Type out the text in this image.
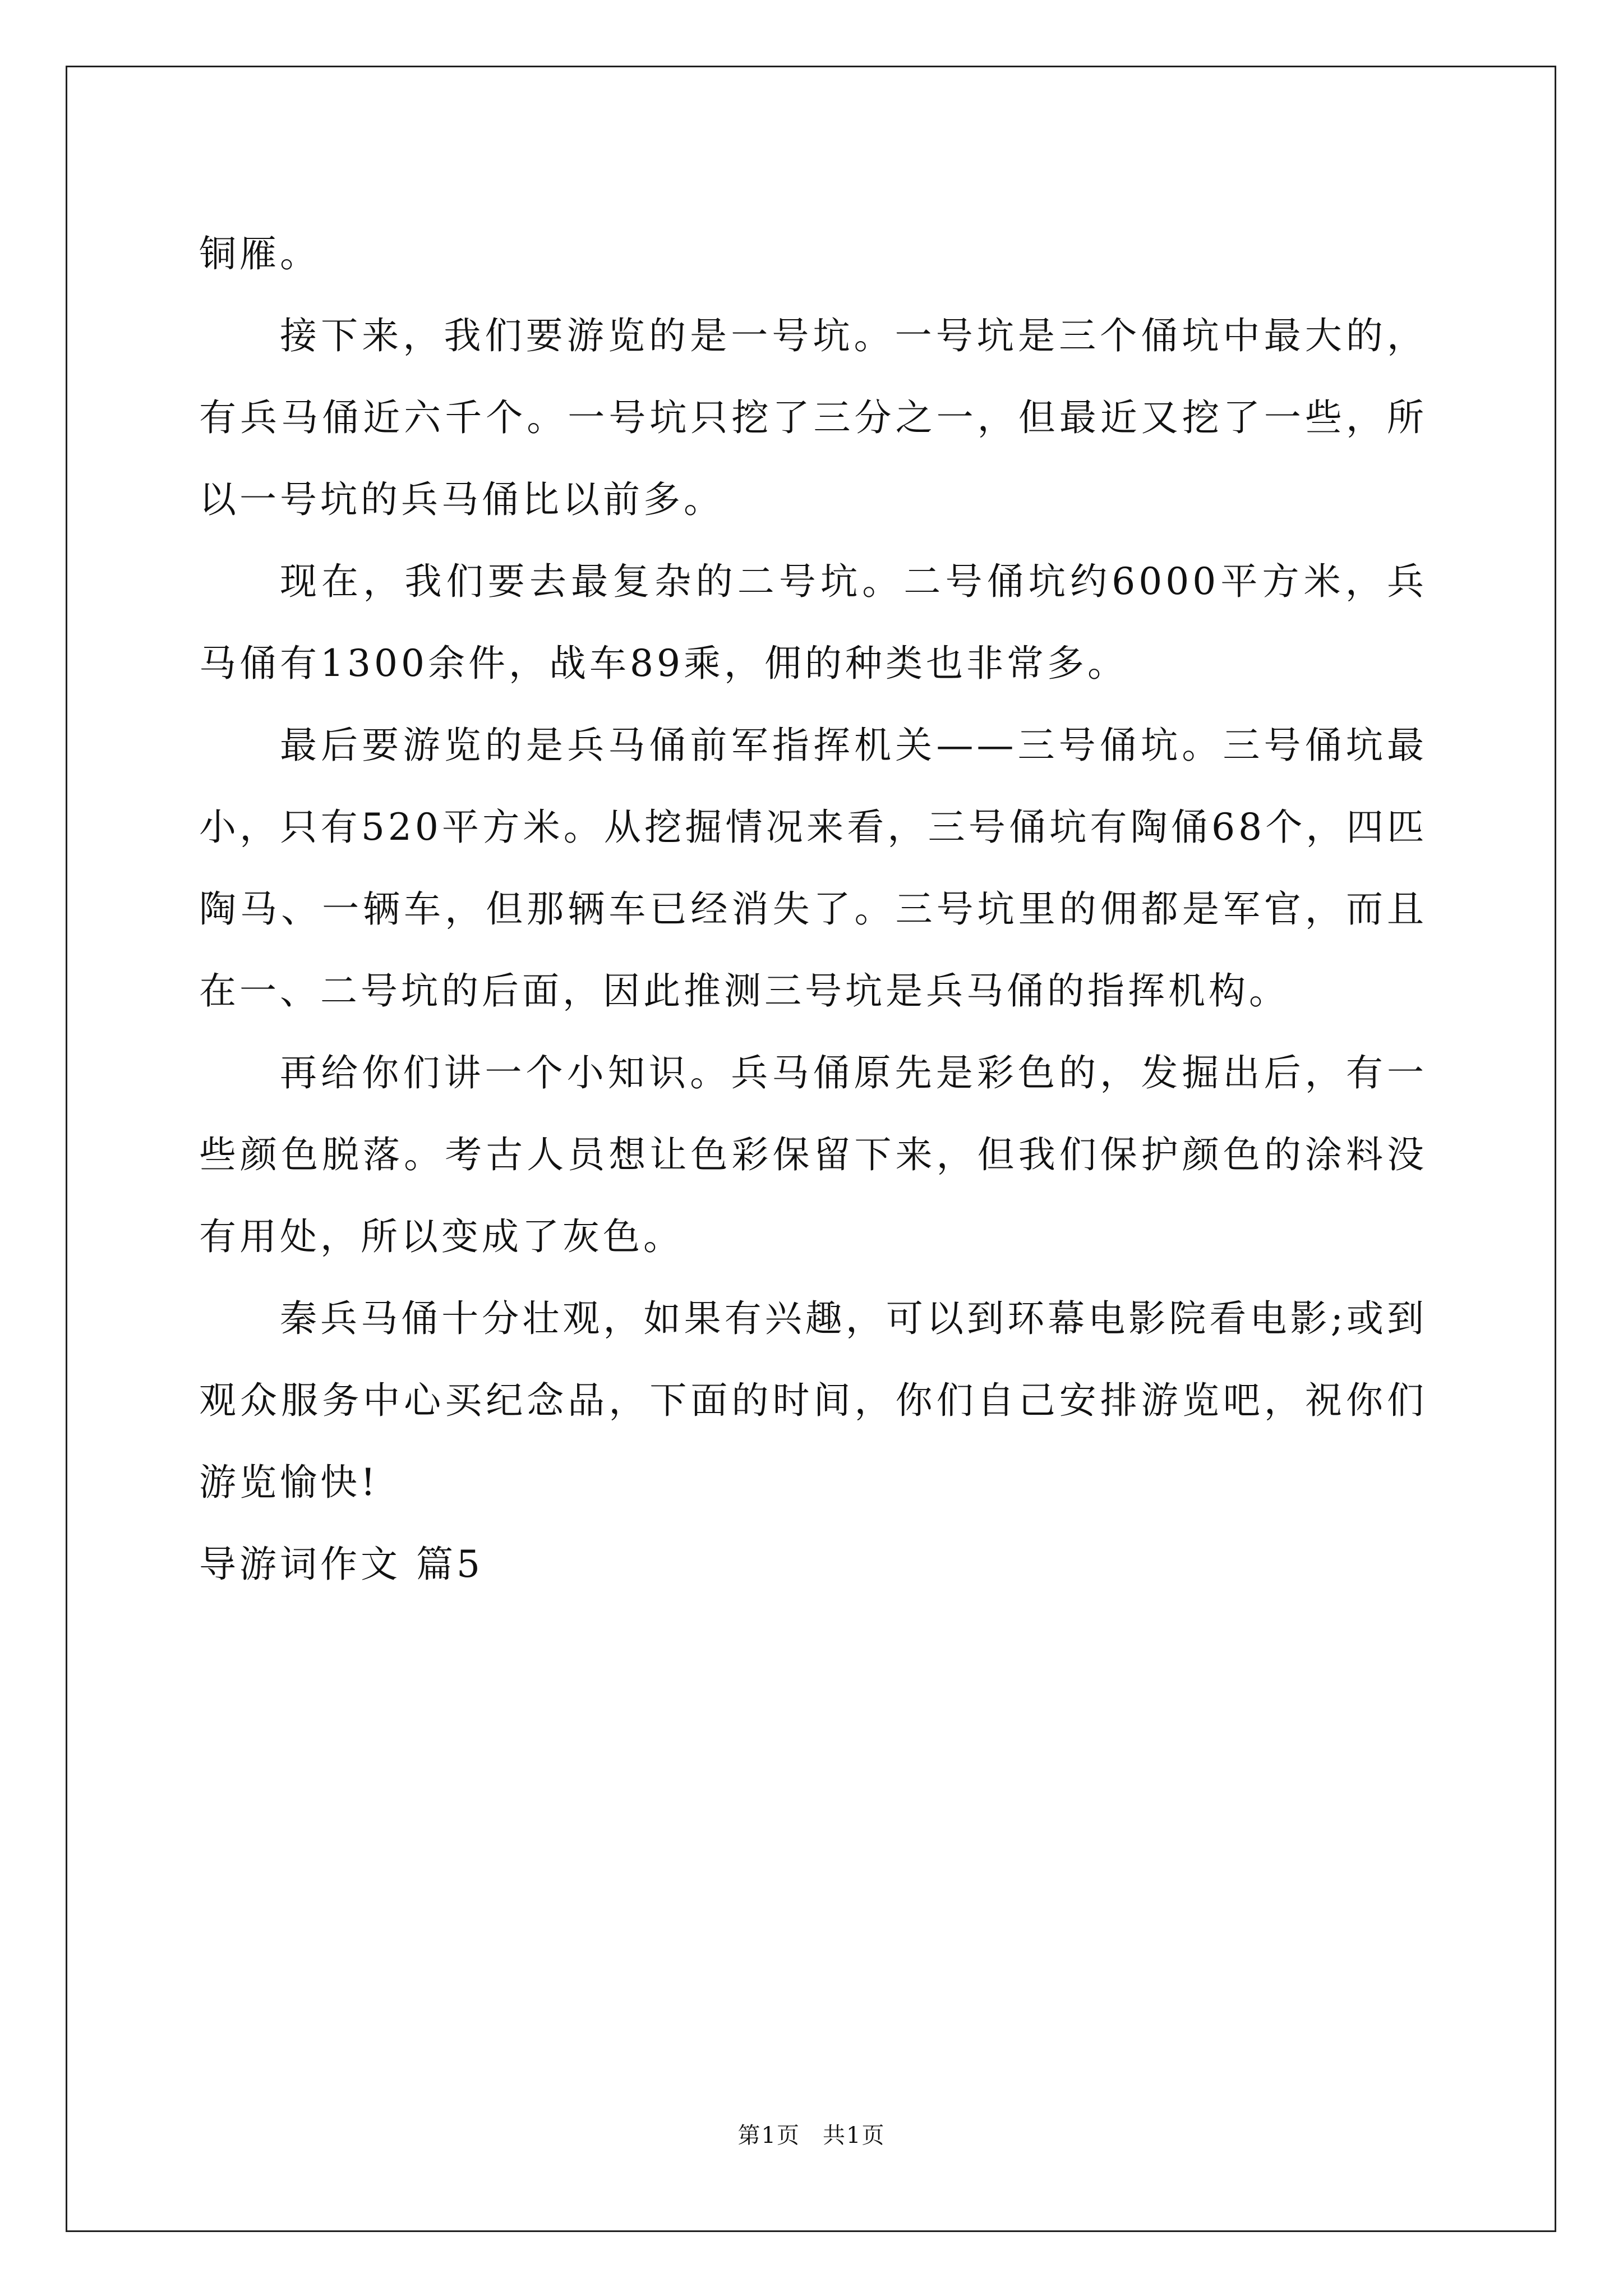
铜雁。

接下来，我们要游览的是一号坑。一号坑是三个俑坑中最大的，有兵马俑近六千个。一号坑只挖了三分之一，但最近又挖了一些，所以一号坑的兵马俑比以前多。

现在，我们要去最复杂的二号坑。二号俑坑约6000平方米，兵马俑有1300余件，战车89乘，佣的种类也非常多。

最后要游览的是兵马俑前军指挥机关——三号俑坑。三号俑坑最小，只有520平方米。从挖掘情况来看，三号俑坑有陶俑68个，四匹陶马、一辆车，但那辆车已经消失了。三号坑里的佣都是军官，而且在一、二号坑的后面，因此推测三号坑是兵马俑的指挥机构。

再给你们讲一个小知识。兵马俑原先是彩色的，发掘出后，有一些颜色脱落。考古人员想让色彩保留下来，但我们保护颜色的涂料没有用处，所以变成了灰色。

秦兵马俑十分壮观，如果有兴趣，可以到环幕电影院看电影;或到观众服务中心买纪念品，下面的时间，你们自己安排游览吧，祝你们游览愉快!

导游词作文 篇5

第1页 共1页
